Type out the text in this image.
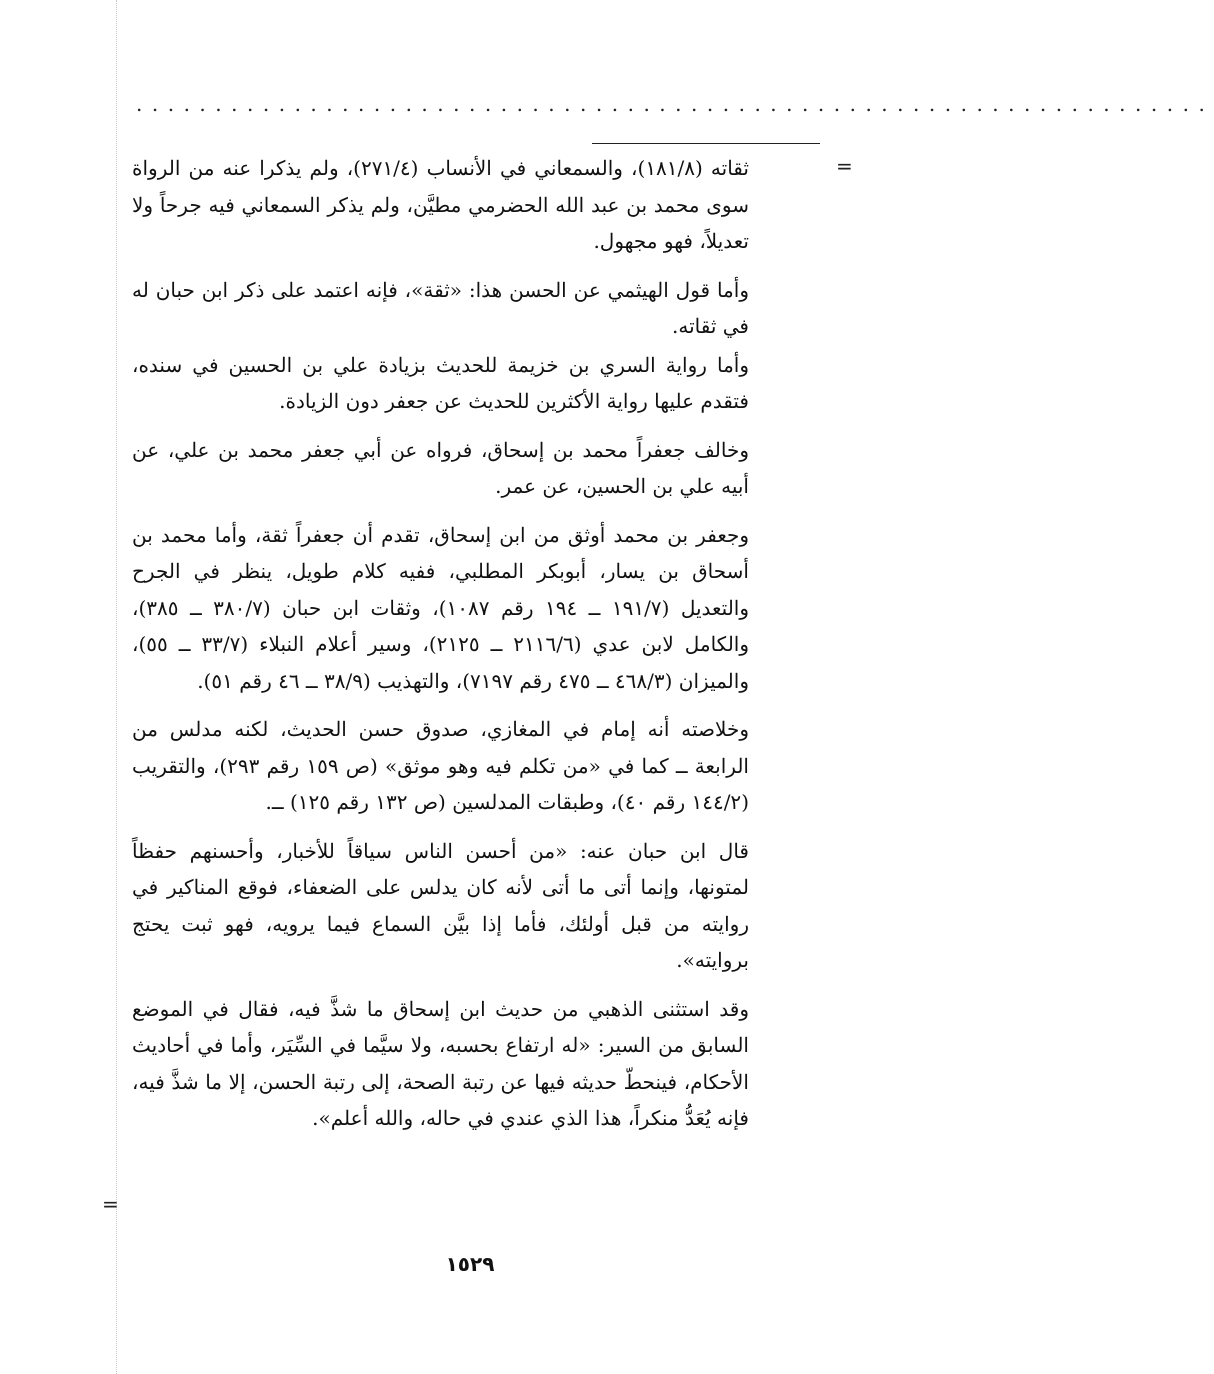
....................................................................
=
=

ثقاته (١٨١/٨)، والسمعاني في الأنساب (٢٧١/٤)، ولم يذكرا عنه من الرواة سوى محمد بن عبد الله الحضرمي مطيَّن، ولم يذكر السمعاني فيه جرحاً ولا تعديلاً، فهو مجهول.

وأما قول الهيثمي عن الحسن هذا: «ثقة»، فإنه اعتمد على ذكر ابن حبان له في ثقاته.

وأما رواية السري بن خزيمة للحديث بزيادة علي بن الحسين في سنده، فتقدم عليها رواية الأكثرين للحديث عن جعفر دون الزيادة.

وخالف جعفراً محمد بن إسحاق، فرواه عن أبي جعفر محمد بن علي، عن أبيه علي بن الحسين، عن عمر.

وجعفر بن محمد أوثق من ابن إسحاق، تقدم أن جعفراً ثقة، وأما محمد بن أسحاق بن يسار، أبوبكر المطلبي، ففيه كلام طويل، ينظر في الجرح والتعديل (١٩١/٧ ــ ١٩٤ رقم ١٠٨٧)، وثقات ابن حبان (٣٨٠/٧ ــ ٣٨٥)، والكامل لابن عدي (٢١١٦/٦ ــ ٢١٢٥)، وسير أعلام النبلاء (٣٣/٧ ــ ٥٥)، والميزان (٤٦٨/٣ ــ ٤٧٥ رقم ٧١٩٧)، والتهذيب (٣٨/٩ ــ ٤٦ رقم ٥١).

وخلاصته أنه إمام في المغازي، صدوق حسن الحديث، لكنه مدلس من الرابعة ــ كما في «من تكلم فيه وهو موثق» (ص ١٥٩ رقم ٢٩٣)، والتقريب (١٤٤/٢ رقم ٤٠)، وطبقات المدلسين (ص ١٣٢ رقم ١٢٥) ــ.

قال ابن حبان عنه: «من أحسن الناس سياقاً للأخبار، وأحسنهم حفظاً لمتونها، وإنما أتى ما أتى لأنه كان يدلس على الضعفاء، فوقع المناكير في روايته من قبل أولئك، فأما إذا بيَّن السماع فيما يرويه، فهو ثبت يحتج بروايته».

وقد استثنى الذهبي من حديث ابن إسحاق ما شذَّ فيه، فقال في الموضع السابق من السير: «له ارتفاع بحسبه، ولا سيَّما في السِّيَر، وأما في أحاديث الأحكام، فينحطّ حديثه فيها عن رتبة الصحة، إلى رتبة الحسن، إلا ما شذَّ فيه، فإنه يُعَدُّ منكراً، هذا الذي عندي في حاله، والله أعلم».

١٥٢٩
